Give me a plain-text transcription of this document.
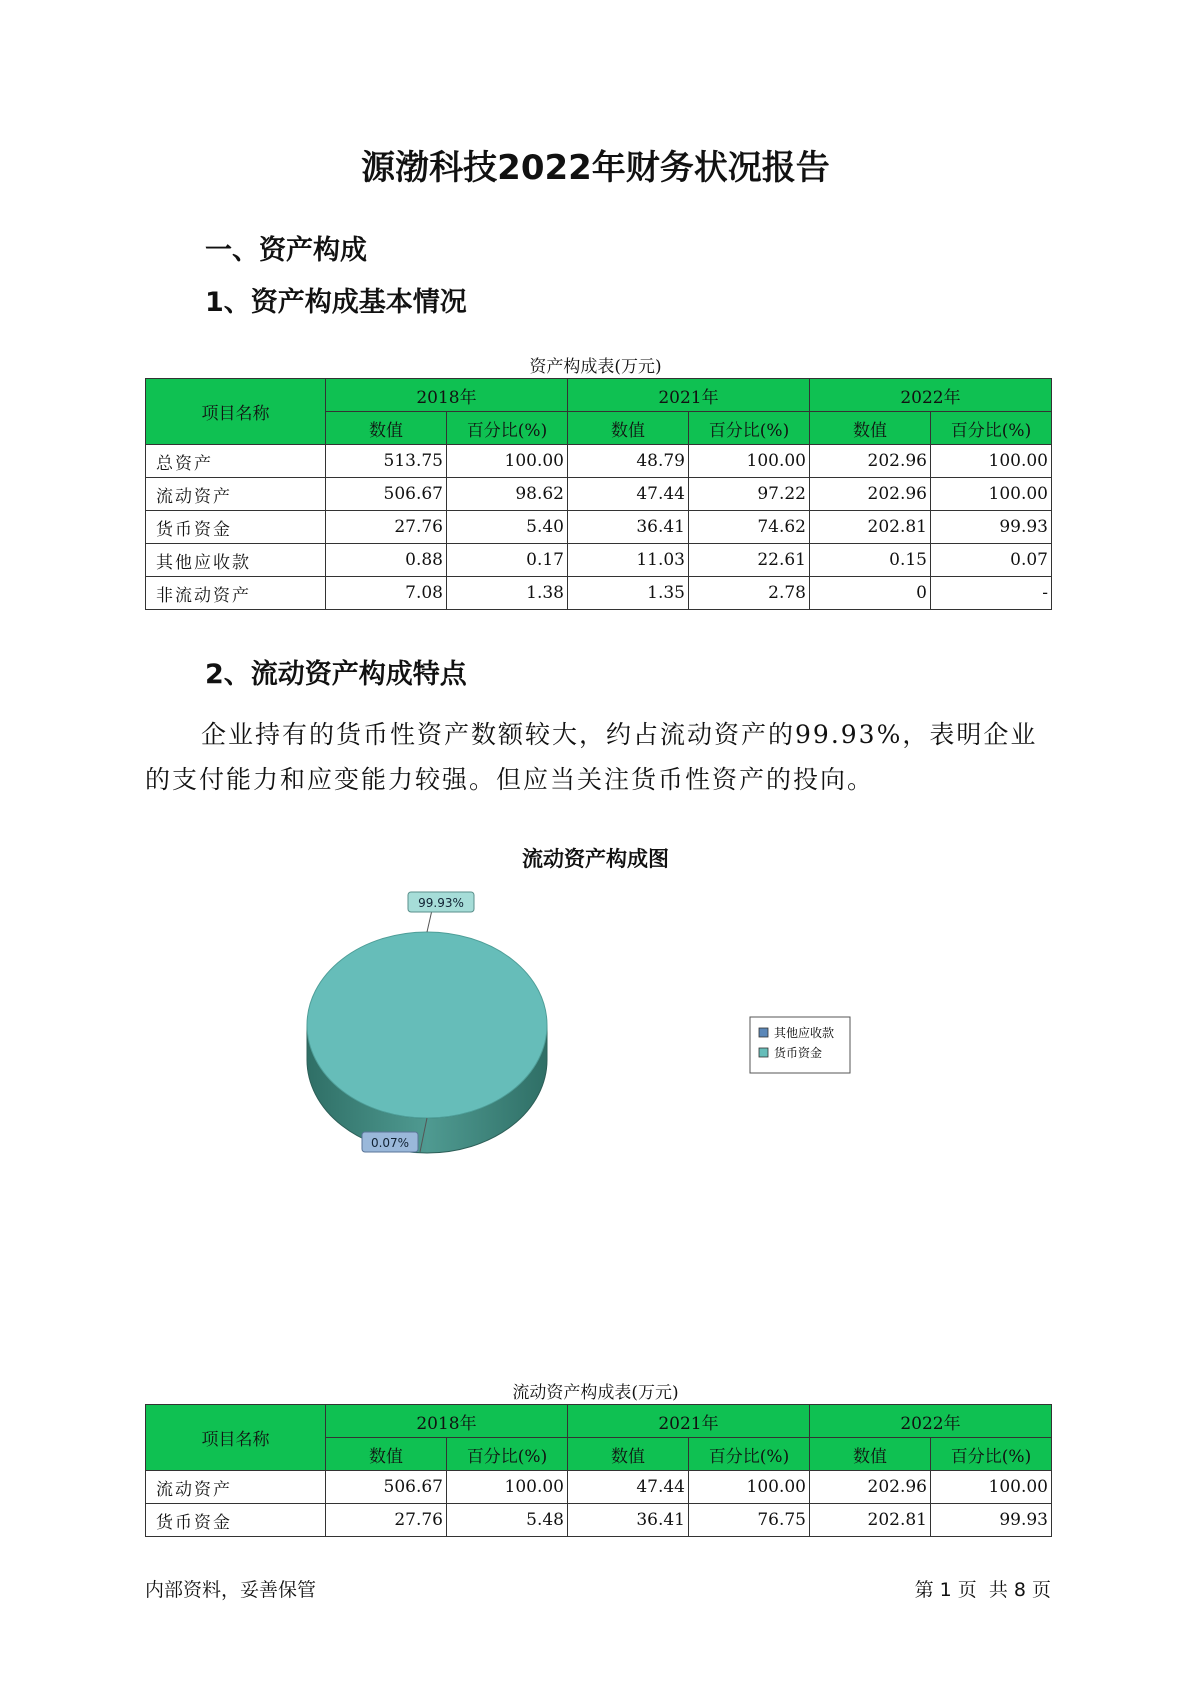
源渤科技2022年财务状况报告
一、资产构成
1、资产构成基本情况
资产构成表(万元)
项目名称	2018年		2021年		2022年	
	数值	百分比(%)	数值	百分比(%)	数值	百分比(%)
总资产	513.75	100.00	48.79	100.00	202.96	100.00
流动资产	506.67	98.62	47.44	97.22	202.96	100.00
货币资金	27.76	5.40	36.41	74.62	202.81	99.93
其他应收款	0.88	0.17	11.03	22.61	0.15	0.07
非流动资产	7.08	1.38	1.35	2.78	0	-
2、流动资产构成特点
企业持有的货币性资产数额较大，约占流动资产的99.93%，表明企业的支付能力和应变能力较强。但应当关注货币性资产的投向。
流动资产构成图
99.93%
0.07%
其他应收款
货币资金
流动资产构成表(万元)
项目名称	2018年		2021年		2022年	
	数值	百分比(%)	数值	百分比(%)	数值	百分比(%)
流动资产	506.67	100.00	47.44	100.00	202.96	100.00
货币资金	27.76	5.48	36.41	76.75	202.81	99.93
内部资料，妥善保管	第 1 页  共 8 页
